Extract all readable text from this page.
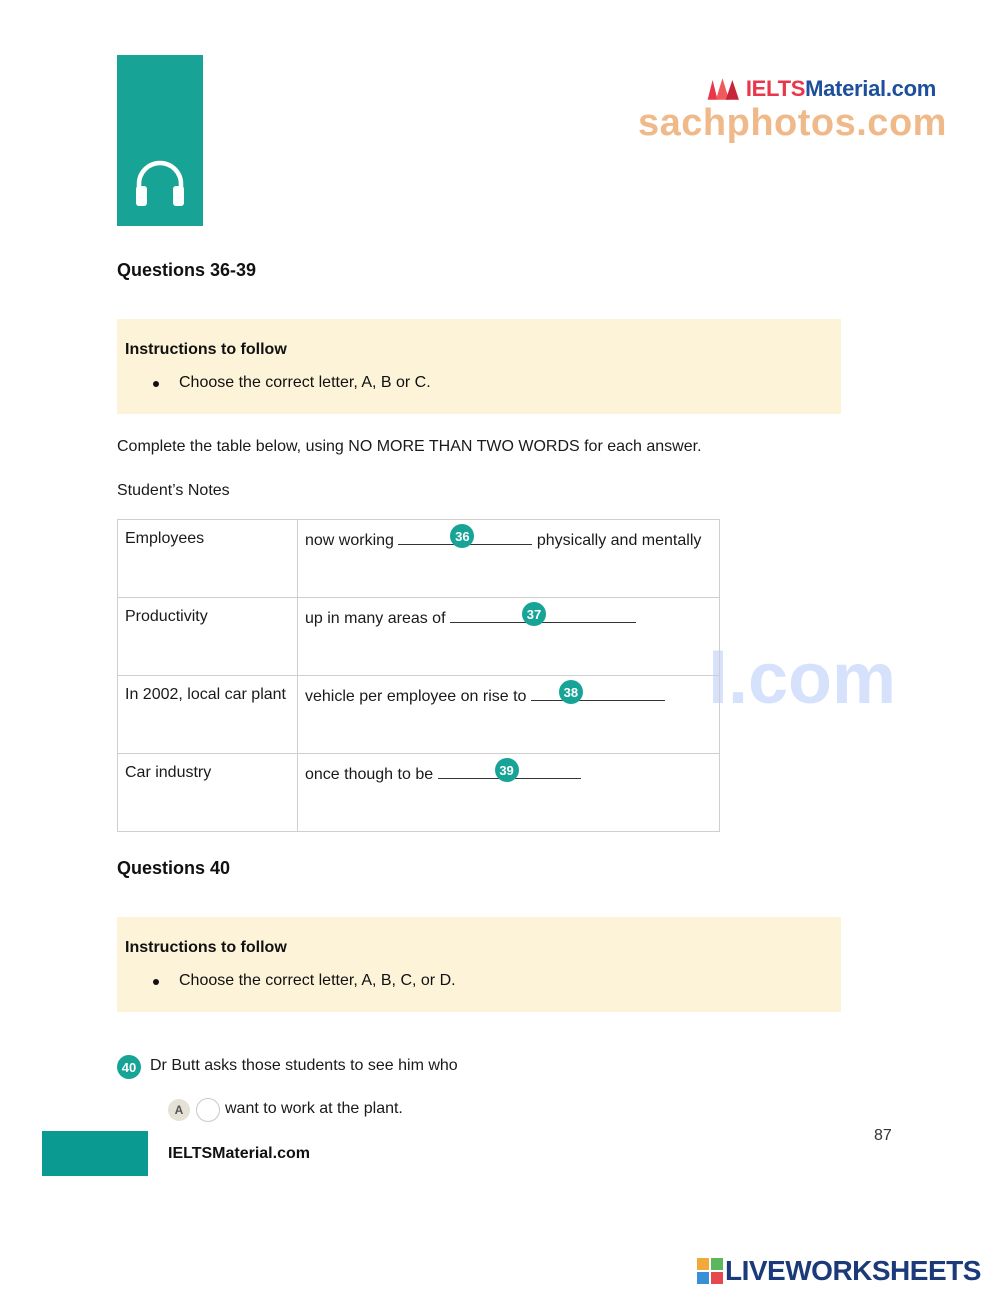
IELTSMaterial.com
sachphotos.com
l.com
Questions 36-39
Instructions to follow
Choose the correct letter, A, B or C.
Complete the table below, using NO MORE THAN TWO WORDS for each answer.
Student’s Notes
Employees	now working 36 physically and mentally
Productivity	up in many areas of 37

In 2002, local car plant	vehicle per employee on rise to 38

Car industry	once though to be 39
Questions 40
Instructions to follow
Choose the correct letter, A, B, C, or D.
40 Dr Butt asks those students to see him who
A	want to work at the plant.
87
IELTSMaterial.com
LIVEWORKSHEETS
